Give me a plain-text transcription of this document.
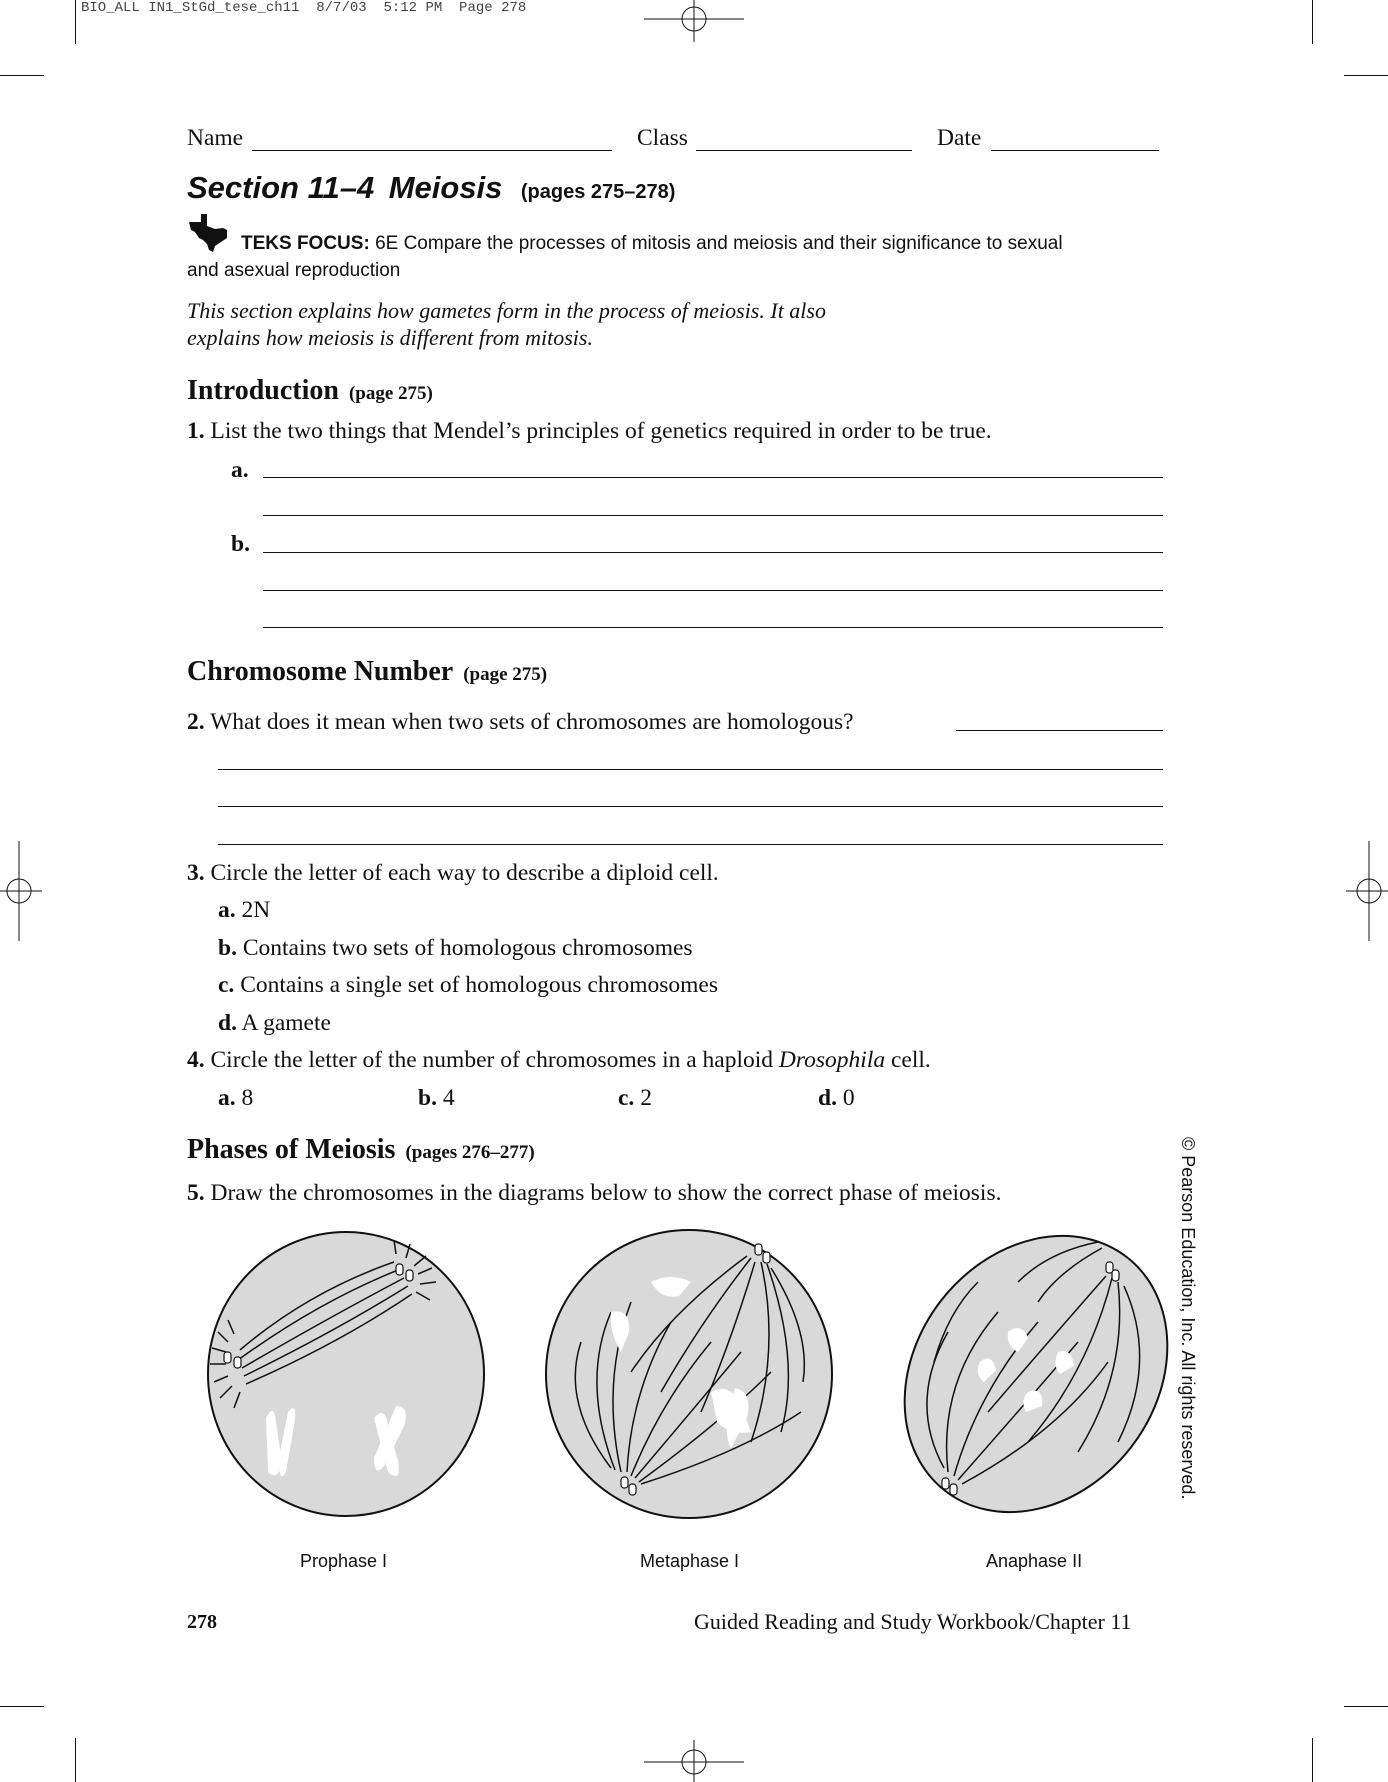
BIO_ALL IN1_StGd_tese_ch11  8/7/03  5:12 PM  Page 278
Name	Class	Date
Section 11–4 Meiosis (pages 275–278)
TEKS FOCUS: 6E Compare the processes of mitosis and meiosis and their significance to sexual
and asexual reproduction
This section explains how gametes form in the process of meiosis. It also
explains how meiosis is different from mitosis.
Introduction (page 275)
1. List the two things that Mendel’s principles of genetics required in order to be true.
a.
b.
Chromosome Number (page 275)
2. What does it mean when two sets of chromosomes are homologous?
3. Circle the letter of each way to describe a diploid cell.
a. 2N
b. Contains two sets of homologous chromosomes
c. Contains a single set of homologous chromosomes
d. A gamete
4. Circle the letter of the number of chromosomes in a haploid Drosophila cell.
a. 8	b. 4	c. 2	d. 0
Phases of Meiosis (pages 276–277)
5. Draw the chromosomes in the diagrams below to show the correct phase of meiosis.	© Pearson Education, Inc. All rights reserved.
Prophase I	Metaphase I	Anaphase II
278	Guided Reading and Study Workbook/Chapter 11
